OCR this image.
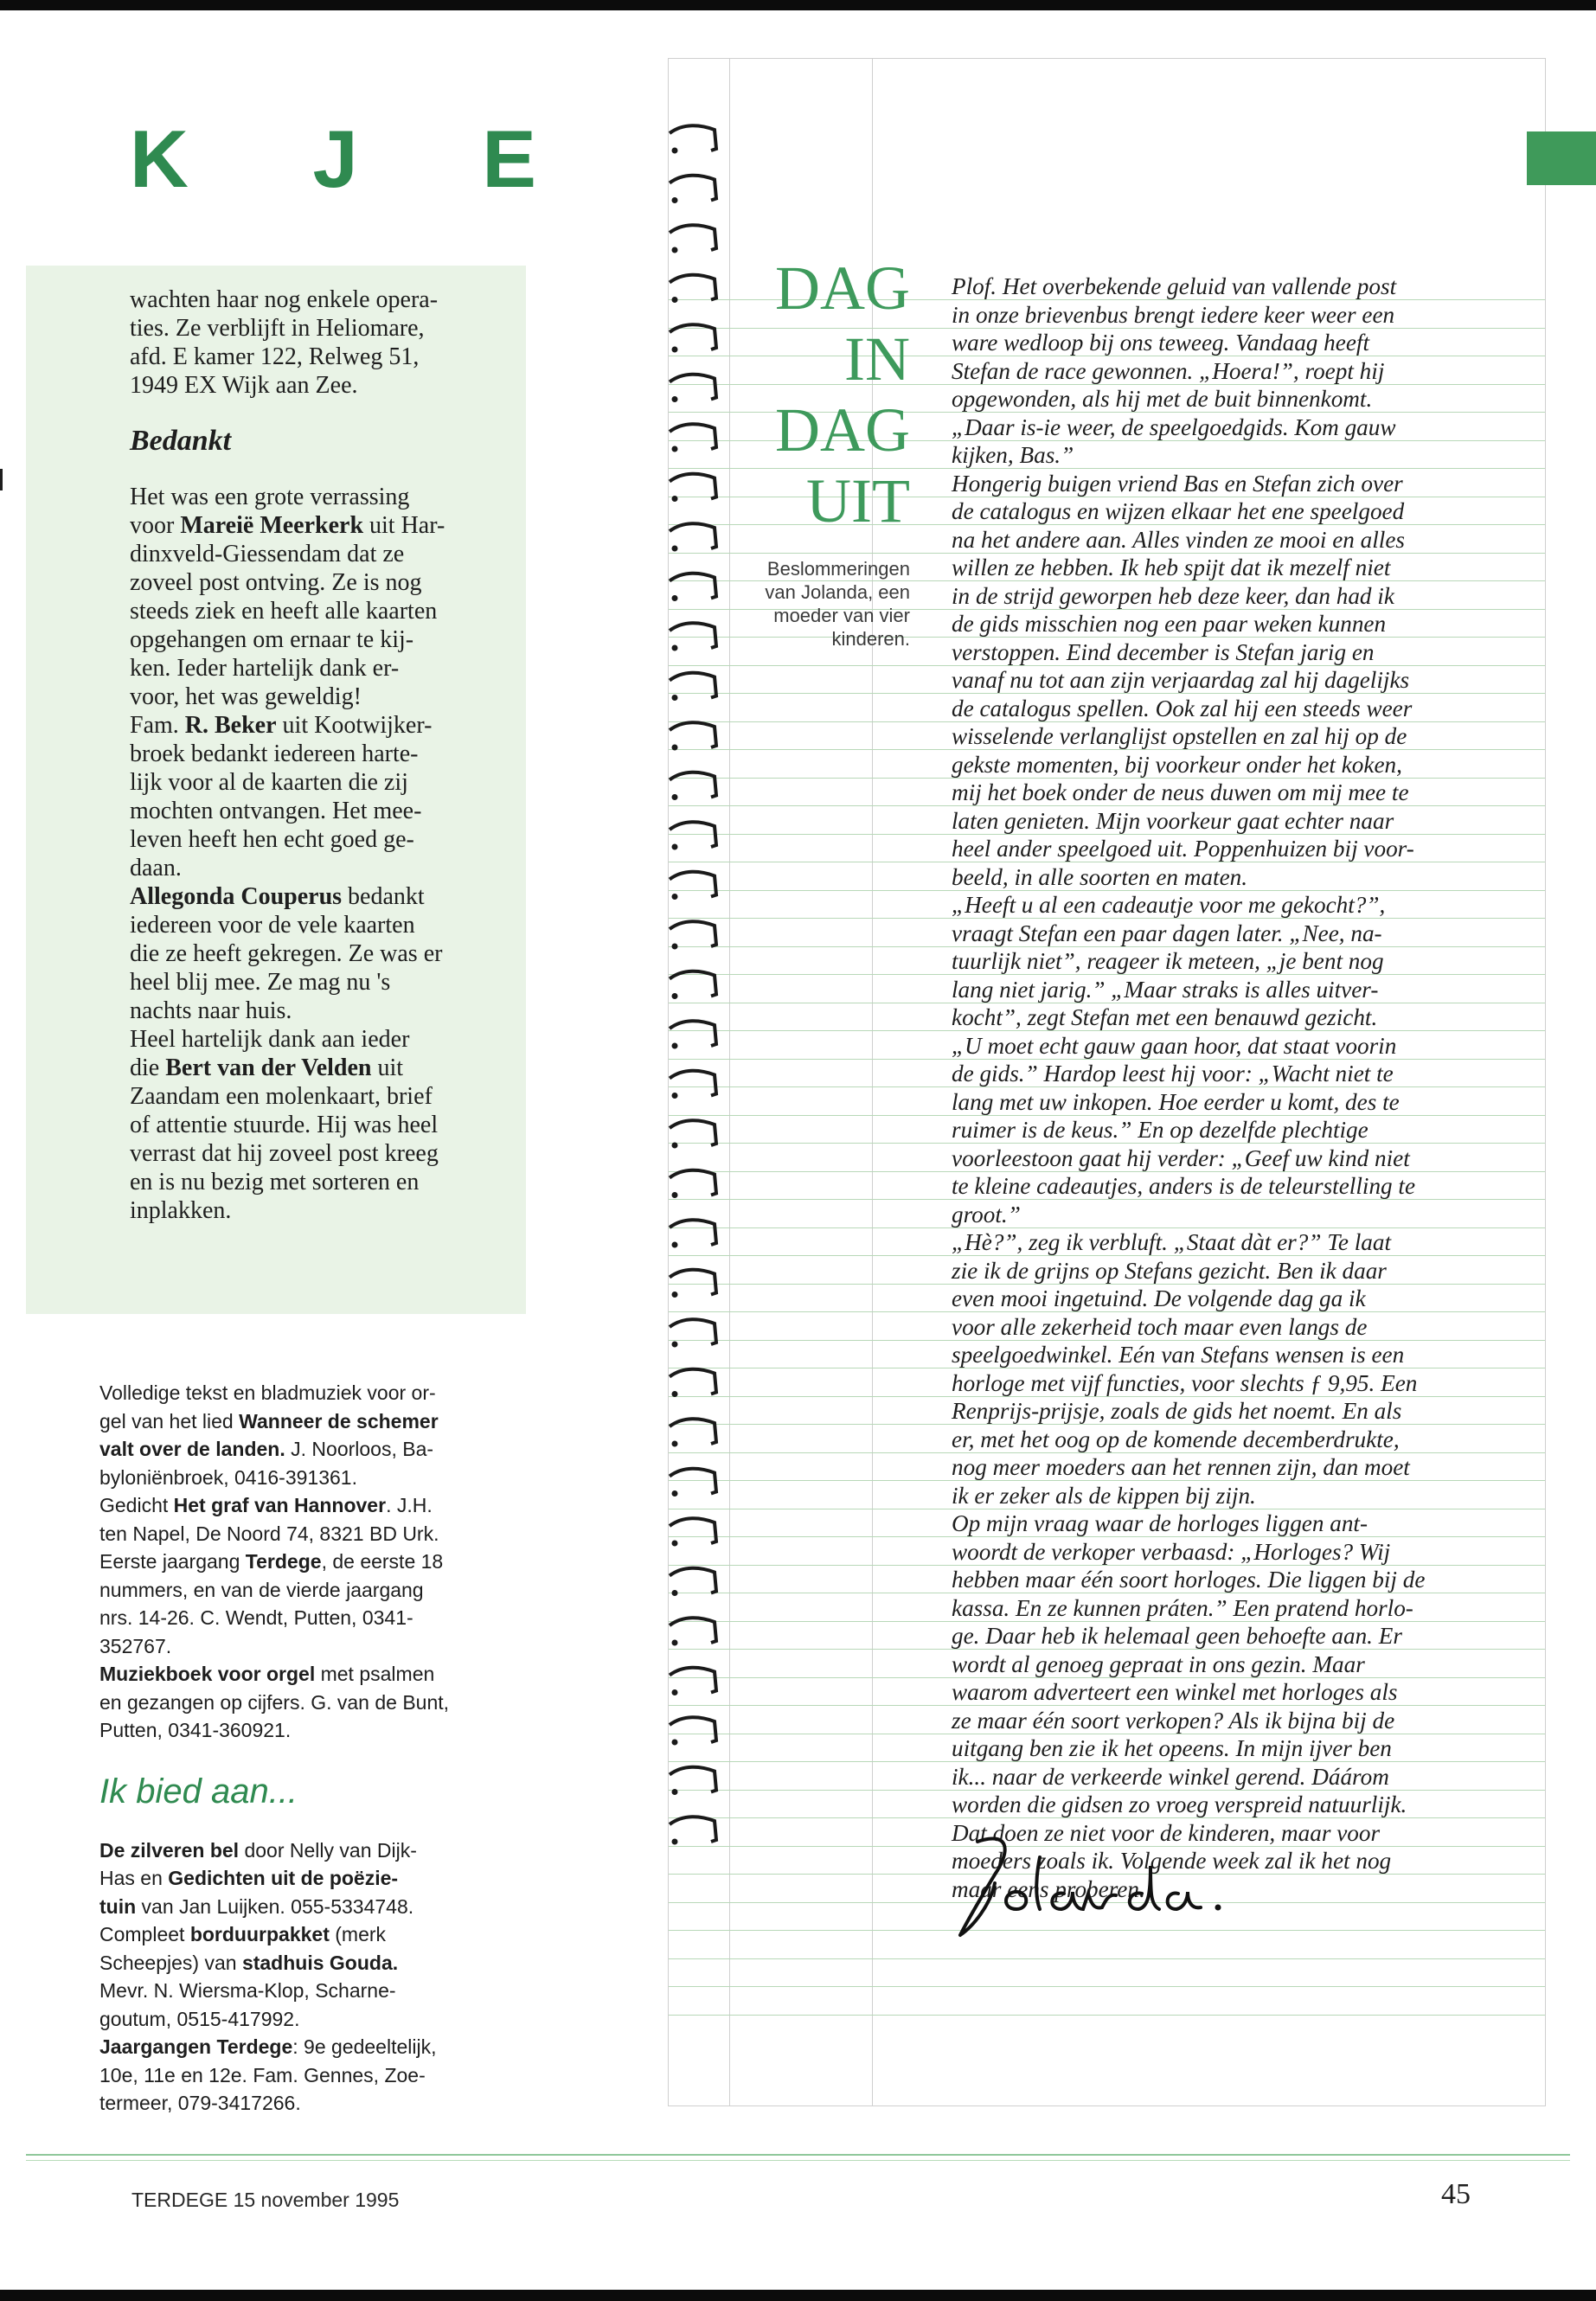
K J E

wachten haar nog enkele opera-
ties. Ze verblijft in Heliomare,
afd. E kamer 122, Relweg 51,
1949 EX Wijk aan Zee.

Bedankt

Het was een grote verrassing
voor Mareië Meerkerk uit Har-
dinxveld-Giessendam dat ze
zoveel post ontving. Ze is nog
steeds ziek en heeft alle kaarten
opgehangen om ernaar te kij-
ken. Ieder hartelijk dank er-
voor, het was geweldig!

Fam. R. Beker uit Kootwijker-
broek bedankt iedereen harte-
lijk voor al de kaarten die zij
mochten ontvangen. Het mee-
leven heeft hen echt goed ge-
daan.

Allegonda Couperus bedankt
iedereen voor de vele kaarten
die ze heeft gekregen. Ze was er
heel blij mee. Ze mag nu 's
nachts naar huis.

Heel hartelijk dank aan ieder
die Bert van der Velden uit
Zaandam een molenkaart, brief
of attentie stuurde. Hij was heel
verrast dat hij zoveel post kreeg
en is nu bezig met sorteren en
inplakken.

Volledige tekst en bladmuziek voor or-
gel van het lied Wanneer de schemer
valt over de landen. J. Noorloos, Ba-
byloniënbroek, 0416-391361.

Gedicht Het graf van Hannover. J.H.
ten Napel, De Noord 74, 8321 BD Urk.

Eerste jaargang Terdege, de eerste 18
nummers, en van de vierde jaargang
nrs. 14-26. C. Wendt, Putten, 0341-
352767.

Muziekboek voor orgel met psalmen
en gezangen op cijfers. G. van de Bunt,
Putten, 0341-360921.

Ik bied aan...

De zilveren bel door Nelly van Dijk-
Has en Gedichten uit de poëzie-
tuin van Jan Luijken. 055-5334748.

Compleet borduurpakket (merk
Scheepjes) van stadhuis Gouda.
Mevr. N. Wiersma-Klop, Scharne-
goutum, 0515-417992.

Jaargangen Terdege: 9e gedeeltelijk,
10e, 11e en 12e. Fam. Gennes, Zoe-
termeer, 079-3417266.

DAG
IN
DAG
UIT
Beslommeringen
van Jolanda, een
moeder van vier
kinderen.

Plof. Het overbekende geluid van vallende post

in onze brievenbus brengt iedere keer weer een

ware wedloop bij ons teweeg. Vandaag heeft

Stefan de race gewonnen. „Hoera!”, roept hij

opgewonden, als hij met de buit binnenkomt.

„Daar is-ie weer, de speelgoedgids. Kom gauw

kijken, Bas.”

Hongerig buigen vriend Bas en Stefan zich over

de catalogus en wijzen elkaar het ene speelgoed

na het andere aan. Alles vinden ze mooi en alles

willen ze hebben. Ik heb spijt dat ik mezelf niet

in de strijd geworpen heb deze keer, dan had ik

de gids misschien nog een paar weken kunnen

verstoppen. Eind december is Stefan jarig en

vanaf nu tot aan zijn verjaardag zal hij dagelijks

de catalogus spellen. Ook zal hij een steeds weer

wisselende verlanglijst opstellen en zal hij op de

gekste momenten, bij voorkeur onder het koken,

mij het boek onder de neus duwen om mij mee te

laten genieten. Mijn voorkeur gaat echter naar

heel ander speelgoed uit. Poppenhuizen bij voor-

beeld, in alle soorten en maten.

„Heeft u al een cadeautje voor me gekocht?”,

vraagt Stefan een paar dagen later. „Nee, na-

tuurlijk niet”, reageer ik meteen, „je bent nog

lang niet jarig.” „Maar straks is alles uitver-

kocht”, zegt Stefan met een benauwd gezicht.

„U moet echt gauw gaan hoor, dat staat voorin

de gids.” Hardop leest hij voor: „Wacht niet te

lang met uw inkopen. Hoe eerder u komt, des te

ruimer is de keus.” En op dezelfde plechtige

voorleestoon gaat hij verder: „Geef uw kind niet

te kleine cadeautjes, anders is de teleurstelling te

groot.”

„Hè?”, zeg ik verbluft. „Staat dàt er?” Te laat

zie ik de grijns op Stefans gezicht. Ben ik daar

even mooi ingetuind. De volgende dag ga ik

voor alle zekerheid toch maar even langs de

speelgoedwinkel. Eén van Stefans wensen is een

horloge met vijf functies, voor slechts ƒ 9,95. Een

Renprijs-prijsje, zoals de gids het noemt. En als

er, met het oog op de komende decemberdrukte,

nog meer moeders aan het rennen zijn, dan moet

ik er zeker als de kippen bij zijn.

Op mijn vraag waar de horloges liggen ant-

woordt de verkoper verbaasd: „Horloges? Wij

hebben maar één soort horloges. Die liggen bij de

kassa. En ze kunnen práten.” Een pratend horlo-

ge. Daar heb ik helemaal geen behoefte aan. Er

wordt al genoeg gepraat in ons gezin. Maar

waarom adverteert een winkel met horloges als

ze maar één soort verkopen? Als ik bijna bij de

uitgang ben zie ik het opeens. In mijn ijver ben

ik... naar de verkeerde winkel gerend. Dáárom

worden die gidsen zo vroeg verspreid natuurlijk.

Dat doen ze niet voor de kinderen, maar voor

moeders zoals ik. Volgende week zal ik het nog

maar eens proberen.

TERDEGE 15 november 1995	45
